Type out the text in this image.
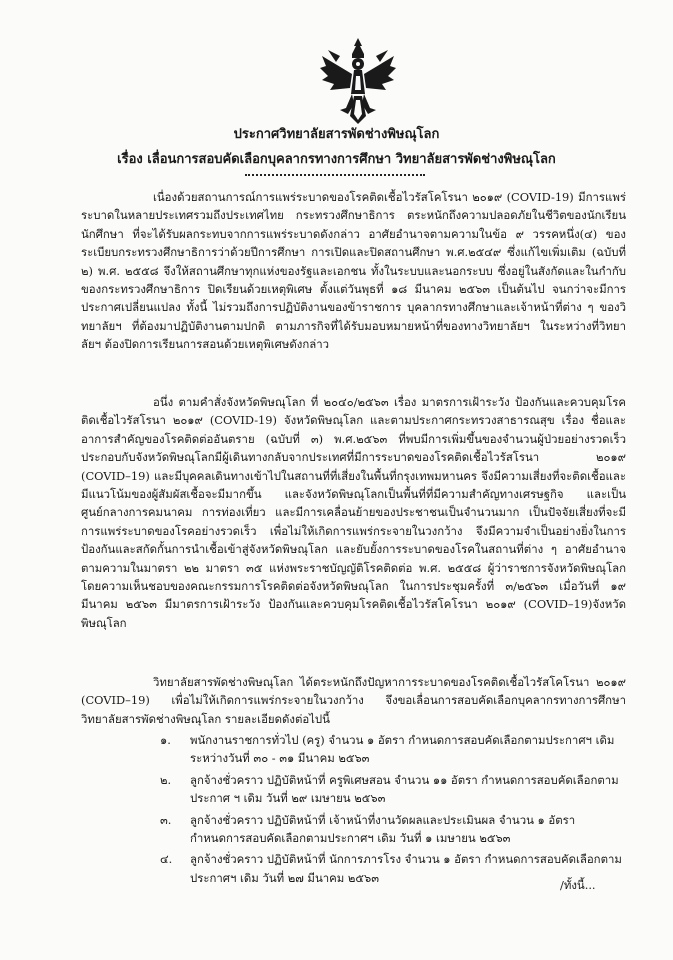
ประกาศวิทยาลัยสารพัดช่างพิษณุโลก
เรื่อง เลื่อนการสอบคัดเลือกบุคลากรทางการศึกษา วิทยาลัยสารพัดช่างพิษณุโลก

เนื่องด้วยสถานการณ์การแพร่ระบาดของโรคติดเชื้อไวรัสโคโรนา ๒๐๑๙ (COVID-19) มีการแพร่ระบาดในหลายประเทศรวมถึงประเทศไทย กระทรวงศึกษาธิการ ตระหนักถึงความปลอดภัยในชีวิตของนักเรียน นักศึกษา ที่จะได้รับผลกระทบจากการแพร่ระบาดดังกล่าว อาศัยอำนาจตามความในข้อ ๙ วรรคหนึ่ง(๔) ของระเบียบกระทรวงศึกษาธิการว่าด้วยปีการศึกษา การเปิดและปิดสถานศึกษา พ.ศ.๒๕๔๙ ซึ่งแก้ไขเพิ่มเติม (ฉบับที่ ๒) พ.ศ. ๒๕๕๘ จึงให้สถานศึกษาทุกแห่งของรัฐและเอกชน ทั้งในระบบและนอกระบบ ซึ่งอยู่ในสังกัดและในกำกับของกระทรวงศึกษาธิการ ปิดเรียนด้วยเหตุพิเศษ ตั้งแต่วันพุธที่ ๑๘ มีนาคม ๒๕๖๓ เป็นต้นไป จนกว่าจะมีการประกาศเปลี่ยนแปลง ทั้งนี้ ไม่รวมถึงการปฏิบัติงานของข้าราชการ บุคลากรทางศึกษาและเจ้าหน้าที่ต่าง ๆ ของวิทยาลัยฯ ที่ต้องมาปฏิบัติงานตามปกติ ตามภารกิจที่ได้รับมอบหมายหน้าที่ของทางวิทยาลัยฯ ในระหว่างที่วิทยาลัยฯ ต้องปิดการเรียนการสอนด้วยเหตุพิเศษดังกล่าว

อนึ่ง ตามคำสั่งจังหวัดพิษณุโลก ที่ ๒๐๔๐/๒๕๖๓ เรื่อง มาตรการเฝ้าระวัง ป้องกันและควบคุมโรคติดเชื้อไวรัสโรนา ๒๐๑๙ (COVID-19) จังหวัดพิษณุโลก และตามประกาศกระทรวงสาธารณสุข เรื่อง ชื่อและอาการสำคัญของโรคติดต่ออันตราย (ฉบับที่ ๓) พ.ศ.๒๕๖๓ ที่พบมีการเพิ่มขึ้นของจำนวนผู้ป่วยอย่างรวดเร็ว ประกอบกับจังหวัดพิษณุโลกมีผู้เดินทางกลับจากประเทศที่มีการระบาดของโรคติดเชื้อไวรัสโรนา ๒๐๑๙ (COVID–19) และมีบุคคลเดินทางเข้าไปในสถานที่ที่เสี่ยงในพื้นที่กรุงเทพมหานคร จึงมีความเสี่ยงที่จะติดเชื้อและมีแนวโน้มของผู้สัมผัสเชื้อจะมีมากขึ้น และจังหวัดพิษณุโลกเป็นพื้นที่ที่มีความสำคัญทางเศรษฐกิจ และเป็นศูนย์กลางการคมนาคม การท่องเที่ยว และมีการเคลื่อนย้ายของประชาชนเป็นจำนวนมาก เป็นปัจจัยเสี่ยงที่จะมีการแพร่ระบาดของโรคอย่างรวดเร็ว เพื่อไม่ให้เกิดการแพร่กระจายในวงกว้าง จึงมีความจำเป็นอย่างยิ่งในการป้องกันและสกัดกั้นการนำเชื้อเข้าสู่จังหวัดพิษณุโลก และยับยั้งการระบาดของโรคในสถานที่ต่าง ๆ อาศัยอำนาจตามความในมาตรา ๒๒ มาตรา ๓๕ แห่งพระราชบัญญัติโรคติดต่อ พ.ศ. ๒๕๕๘ ผู้ว่าราชการจังหวัดพิษณุโลก โดยความเห็นชอบของคณะกรรมการโรคติดต่อจังหวัดพิษณุโลก ในการประชุมครั้งที่ ๓/๒๕๖๓ เมื่อวันที่ ๑๙ มีนาคม ๒๕๖๓ มีมาตรการเฝ้าระวัง ป้องกันและควบคุมโรคติดเชื้อไวรัสโคโรนา ๒๐๑๙ (COVID–19)จังหวัดพิษณุโลก

วิทยาลัยสารพัดช่างพิษณุโลก ได้ตระหนักถึงปัญหาการระบาดของโรคติดเชื้อไวรัสโคโรนา ๒๐๑๙ (COVID–19) เพื่อไม่ให้เกิดการแพร่กระจายในวงกว้าง จึงขอเลื่อนการสอบคัดเลือกบุคลากรทางการศึกษา วิทยาลัยสารพัดช่างพิษณุโลก รายละเอียดดังต่อไปนี้

๑. พนักงานราชการทั่วไป (ครู) จำนวน ๑ อัตรา กำหนดการสอบคัดเลือกตามประกาศฯ เดิม ระหว่างวันที่ ๓๐ - ๓๑ มีนาคม ๒๕๖๓
๒. ลูกจ้างชั่วคราว ปฏิบัติหน้าที่ ครูพิเศษสอน จำนวน ๑๑ อัตรา กำหนดการสอบคัดเลือกตามประกาศ ฯ เดิม วันที่ ๒๙ เมษายน ๒๕๖๓
๓. ลูกจ้างชั่วคราว ปฏิบัติหน้าที่ เจ้าหน้าที่งานวัดผลและประเมินผล จำนวน ๑ อัตรา กำหนดการสอบคัดเลือกตามประกาศฯ เดิม วันที่ ๑ เมษายน ๒๕๖๓
๔. ลูกจ้างชั่วคราว ปฏิบัติหน้าที่ นักการภารโรง จำนวน ๑ อัตรา กำหนดการสอบคัดเลือกตามประกาศฯ เดิม วันที่ ๒๗ มีนาคม ๒๕๖๓
/ทั้งนี้...
